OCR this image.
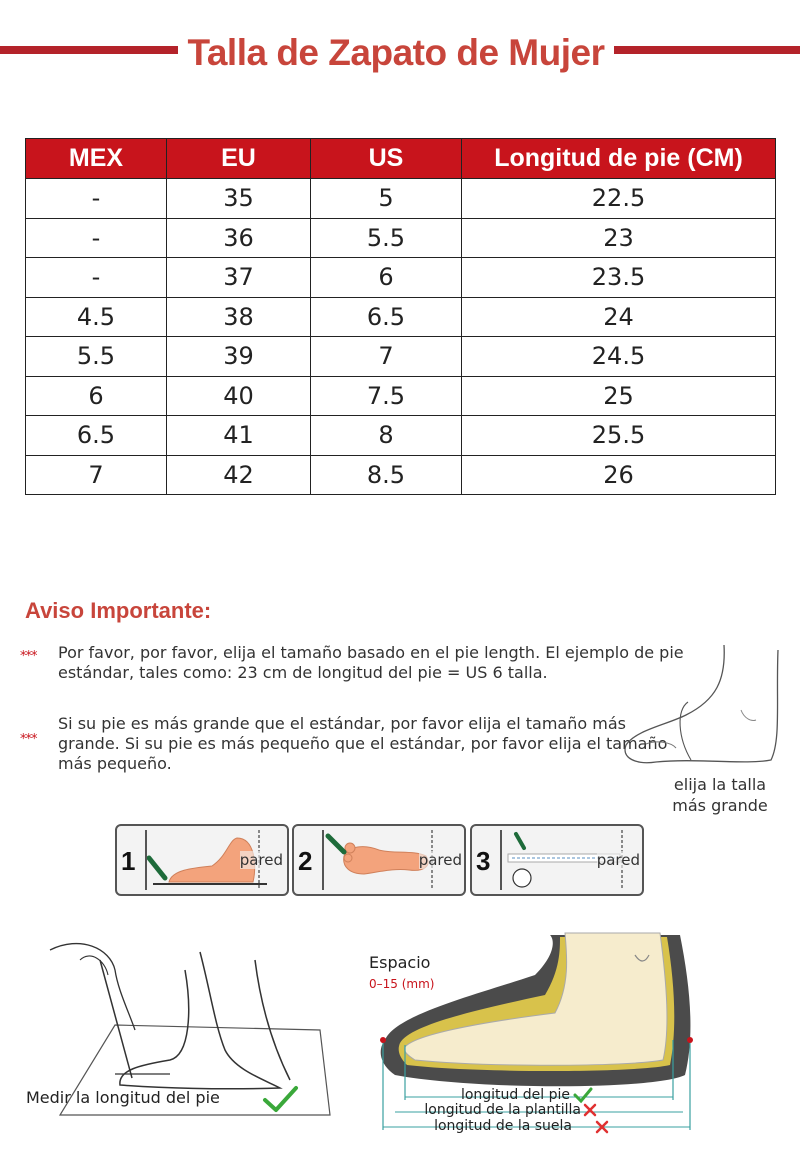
Talla de Zapato de Mujer
MEX	EU	US	Longitud de pie (CM)
-	35	5	22.5
-	36	5.5	23
-	37	6	23.5
4.5	38	6.5	24
5.5	39	7	24.5
6	40	7.5	25
6.5	41	8	25.5
7	42	8.5	26
Aviso Importante:
*** Por favor, por favor, elija el tamaño basado en el pie length. El ejemplo de pie estándar, tales como: 23 cm de longitud del pie = US 6 talla.
***
Si su pie es más grande que el estándar, por favor elija el tamaño más grande. Si su pie es más pequeño que el estándar, por favor elija el tamaño más pequeño.
elija la talla
más grande
1	pared 2	pared 3	pared
Medir la longitud del pie
Espacio
0–15 (mm)
longitud del pie
longitud de la plantilla
longitud de la suela
